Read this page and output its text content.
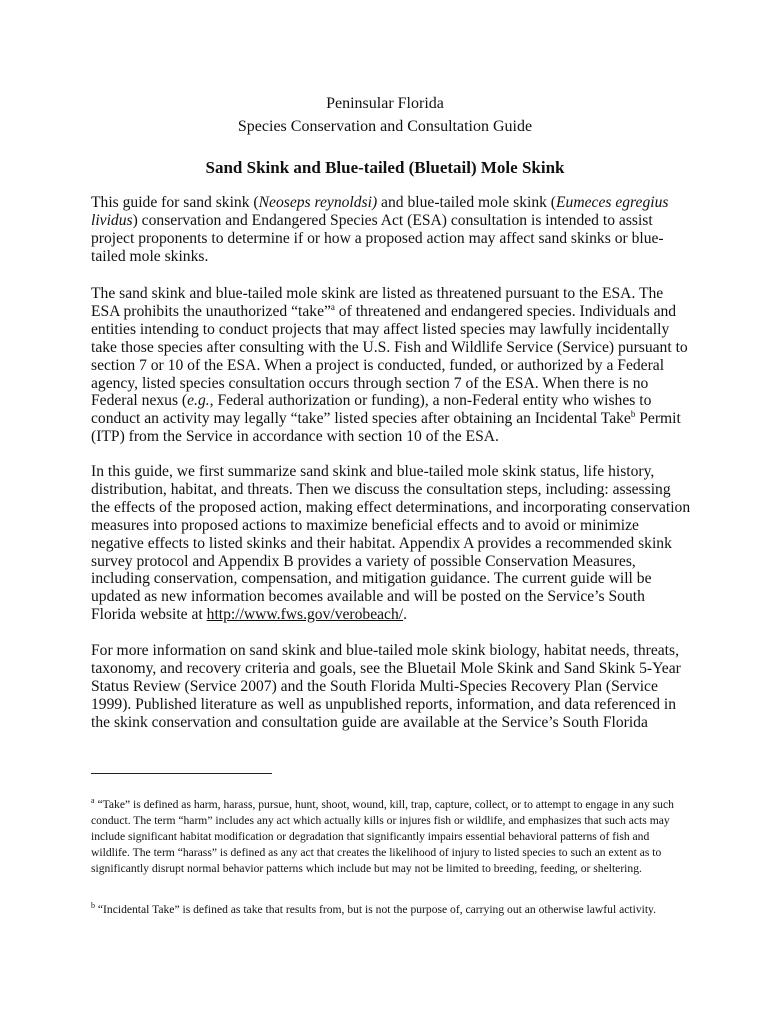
Peninsular Florida
Species Conservation and Consultation Guide
Sand Skink and Blue-tailed (Bluetail) Mole Skink

This guide for sand skink (Neoseps reynoldsi) and blue-tailed mole skink (Eumeces egregius lividus) conservation and Endangered Species Act (ESA) consultation is intended to assist project proponents to determine if or how a proposed action may affect sand skinks or blue-tailed mole skinks.

The sand skink and blue-tailed mole skink are listed as threatened pursuant to the ESA. The ESA prohibits the unauthorized “take”$^a$ of threatened and endangered species. Individuals and entities intending to conduct projects that may affect listed species may lawfully incidentally take those species after consulting with the U.S. Fish and Wildlife Service (Service) pursuant to section 7 or 10 of the ESA. When a project is conducted, funded, or authorized by a Federal agency, listed species consultation occurs through section 7 of the ESA. When there is no Federal nexus (e.g., Federal authorization or funding), a non-Federal entity who wishes to conduct an activity may legally “take” listed species after obtaining an Incidental Take$^b$ Permit (ITP) from the Service in accordance with section 10 of the ESA.

In this guide, we first summarize sand skink and blue-tailed mole skink status, life history, distribution, habitat, and threats. Then we discuss the consultation steps, including: assessing the effects of the proposed action, making effect determinations, and incorporating conservation measures into proposed actions to maximize beneficial effects and to avoid or minimize negative effects to listed skinks and their habitat. Appendix A provides a recommended skink survey protocol and Appendix B provides a variety of possible Conservation Measures, including conservation, compensation, and mitigation guidance. The current guide will be updated as new information becomes available and will be posted on the Service’s South Florida website at http://www.fws.gov/verobeach/.

For more information on sand skink and blue-tailed mole skink biology, habitat needs, threats, taxonomy, and recovery criteria and goals, see the Bluetail Mole Skink and Sand Skink 5-Year Status Review (Service 2007) and the South Florida Multi-Species Recovery Plan (Service 1999). Published literature as well as unpublished reports, information, and data referenced in the skink conservation and consultation guide are available at the Service’s South Florida

$^a$ “Take” is defined as harm, harass, pursue, hunt, shoot, wound, kill, trap, capture, collect, or to attempt to engage in any such conduct. The term “harm” includes any act which actually kills or injures fish or wildlife, and emphasizes that such acts may include significant habitat modification or degradation that significantly impairs essential behavioral patterns of fish and wildlife. The term “harass” is defined as any act that creates the likelihood of injury to listed species to such an extent as to significantly disrupt normal behavior patterns which include but may not be limited to breeding, feeding, or sheltering.

$^b$ “Incidental Take” is defined as take that results from, but is not the purpose of, carrying out an otherwise lawful activity.
